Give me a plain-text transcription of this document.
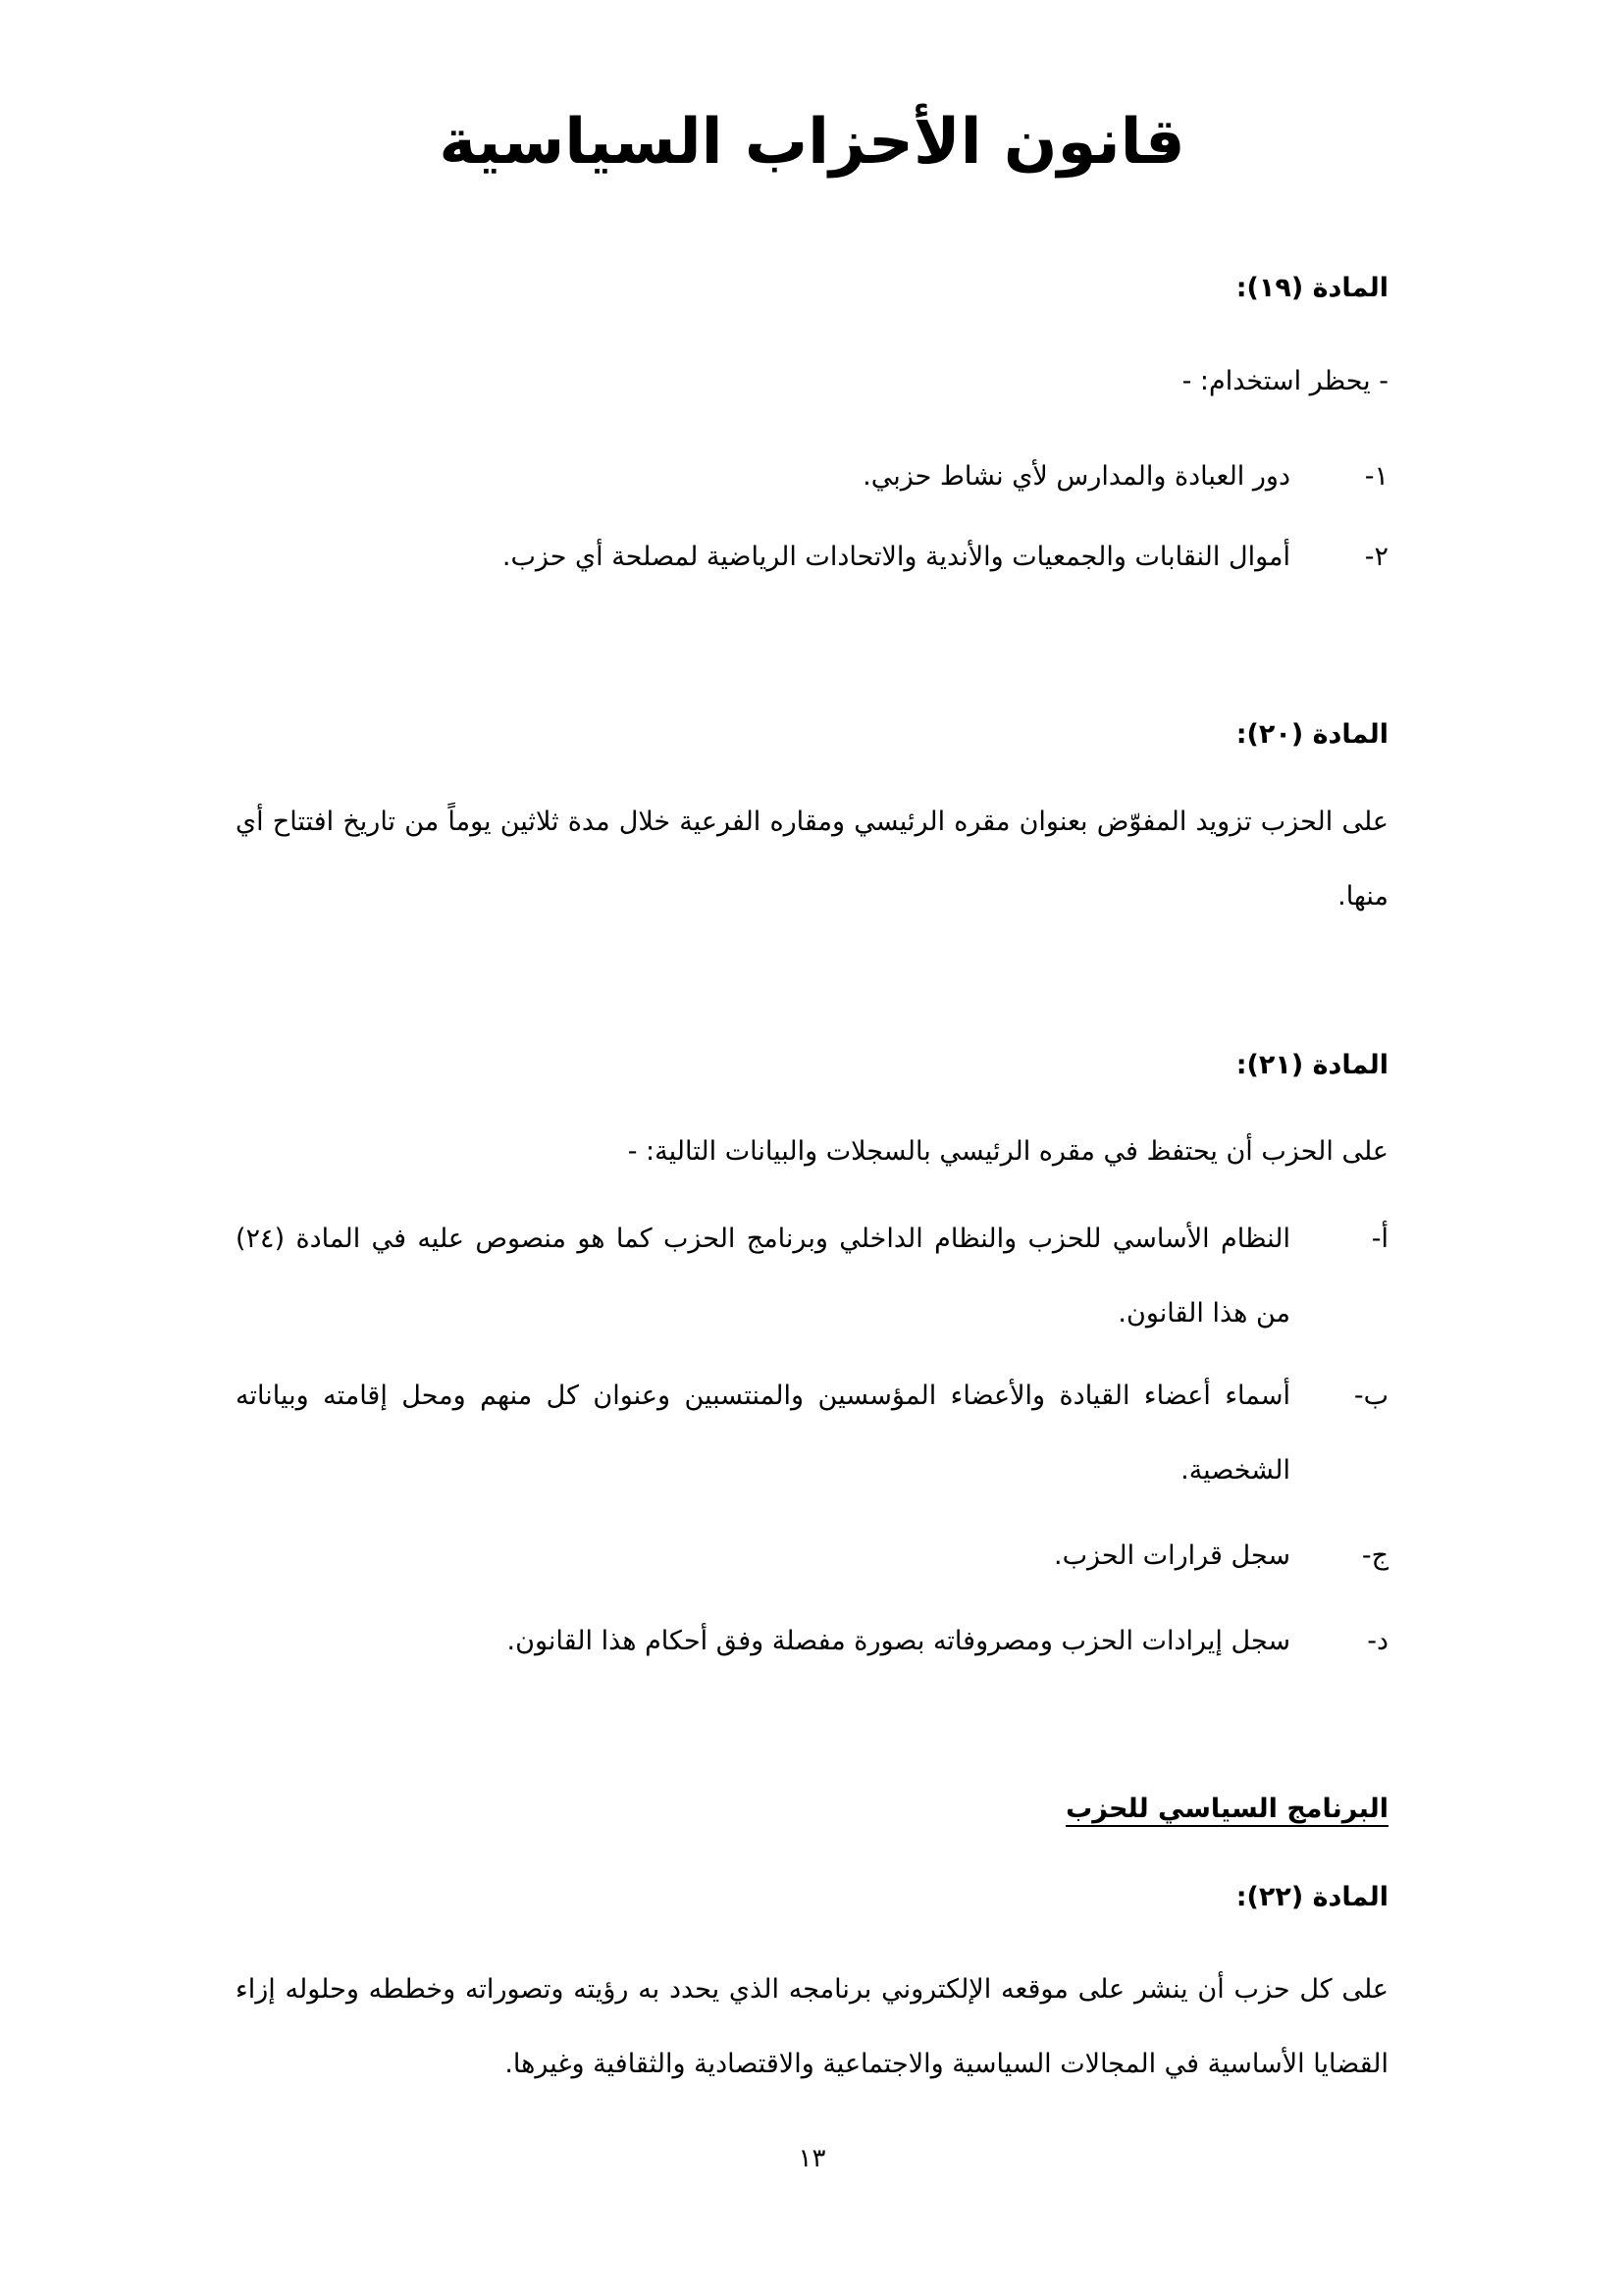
قانون الأحزاب السياسية
المادة (١٩):
- يحظر استخدام: -
١-
دور العبادة والمدارس لأي نشاط حزبي.
٢-
أموال النقابات والجمعيات والأندية والاتحادات الرياضية لمصلحة أي حزب.
المادة (٢٠):
على الحزب تزويد المفوّض بعنوان مقره الرئيسي ومقاره الفرعية خلال مدة ثلاثين يوماً من تاريخ افتتاح أي منها.
المادة (٢١):
على الحزب أن يحتفظ في مقره الرئيسي بالسجلات والبيانات التالية: -
أ-
النظام الأساسي للحزب والنظام الداخلي وبرنامج الحزب كما هو منصوص عليه في المادة (٢٤) من هذا القانون.
ب-
أسماء أعضاء القيادة والأعضاء المؤسسين والمنتسبين وعنوان كل منهم ومحل إقامته وبياناته الشخصية.
ج-
سجل قرارات الحزب.
د-
سجل إيرادات الحزب ومصروفاته بصورة مفصلة وفق أحكام هذا القانون.
البرنامج السياسي للحزب
المادة (٢٢):
على كل حزب أن ينشر على موقعه الإلكتروني برنامجه الذي يحدد به رؤيته وتصوراته وخططه وحلوله إزاء القضايا الأساسية في المجالات السياسية والاجتماعية والاقتصادية والثقافية وغيرها.
١٣
